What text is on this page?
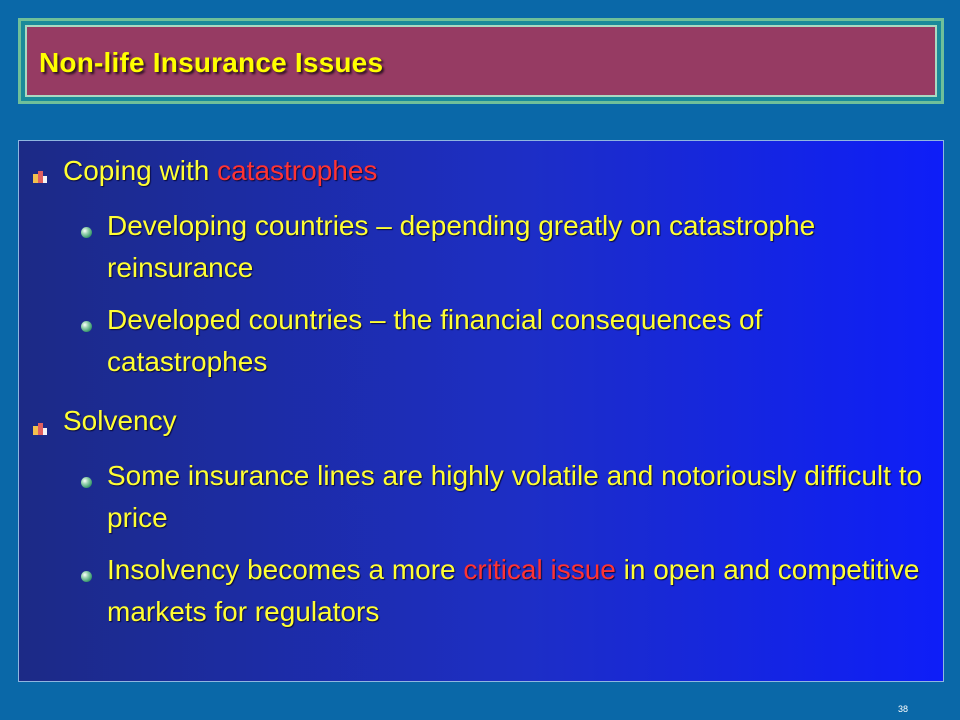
Non-life Insurance Issues
Coping with catastrophes
Developing countries – depending greatly on catastrophe reinsurance
Developed countries – the financial consequences of catastrophes
Solvency
Some insurance lines are highly volatile and notoriously difficult to price
Insolvency becomes a more critical issue in open and competitive markets for regulators
38
